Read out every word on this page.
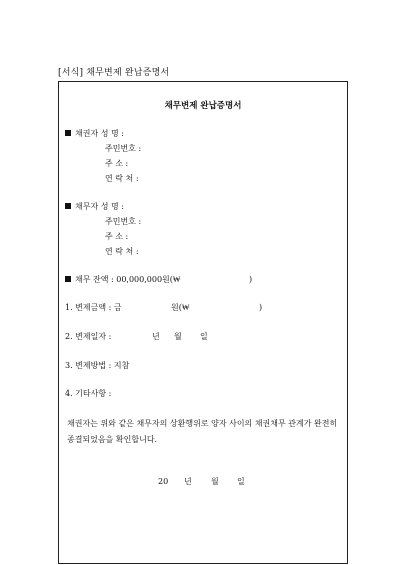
[서식] 채무변제 완납증명서
채무변제 완납증명서
채권자 성 명 :
주민번호 :
주 소 :
연 락 처 :
채무자 성 명 :
주민번호 :
주 소 :
연 락 처 :
채무 잔액 : 00,000,000원(₩	)
1. 변제금액 : 금	원(₩	)
2. 변제일자 :	년 월 일
3. 변제방법 : 지참
4. 기타사항 :
채권자는 위와 같은 채무자의 상환행위로 양자 사이의 채권채무 관계가 완전히 종결되었음을 확인합니다.
20 년 월 일
